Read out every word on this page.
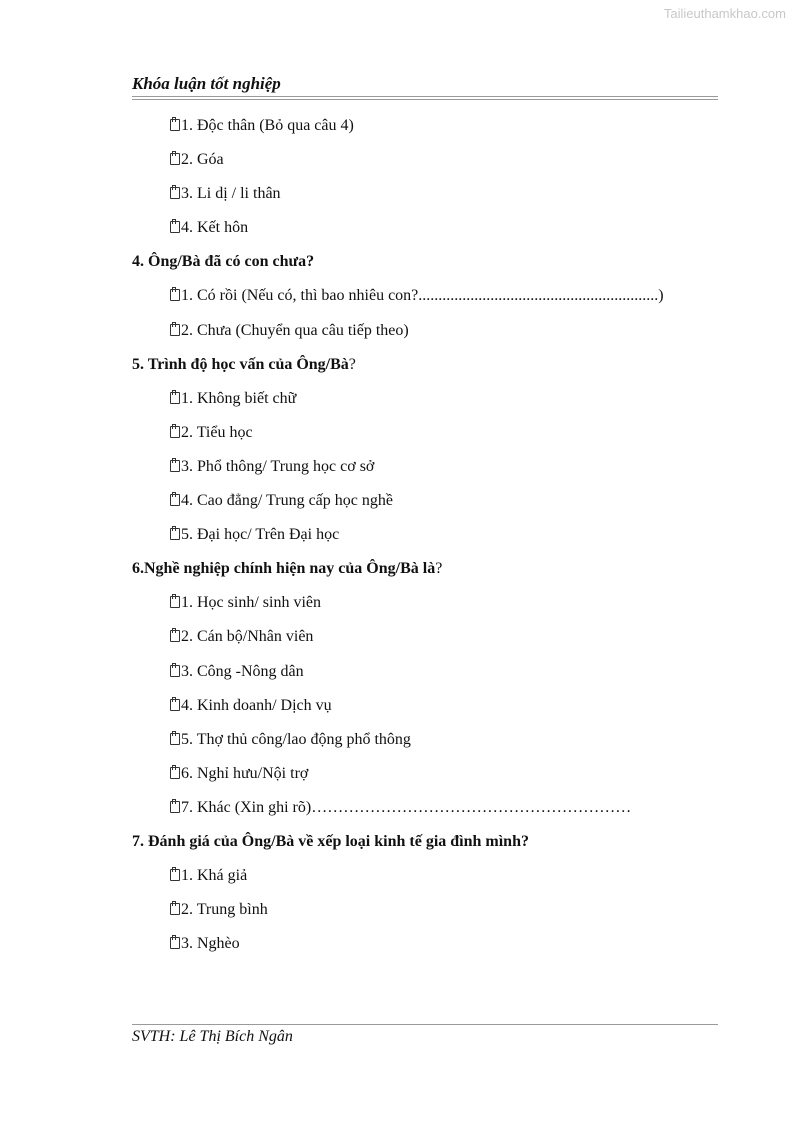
Tailieuthamkhao.com
Khóa luận tốt nghiệp
1. Độc thân (Bỏ qua câu 4)
2. Góa
3. Li dị / li thân
4. Kết hôn
4. Ông/Bà đã có con chưa?
1. Có rồi (Nếu có, thì bao nhiêu con?............................................................)
2. Chưa (Chuyển qua câu tiếp theo)
5. Trình độ học vấn của Ông/Bà?
1. Không biết chữ
2. Tiểu học
3. Phổ thông/ Trung học cơ sở
4. Cao đẳng/ Trung cấp học nghề
5. Đại học/ Trên Đại học
6.Nghề nghiệp chính hiện nay của Ông/Bà là?
1. Học sinh/ sinh viên
2. Cán bộ/Nhân viên
3. Công -Nông dân
4. Kinh doanh/ Dịch vụ
5. Thợ thủ công/lao động phổ thông
6. Nghỉ hưu/Nội trợ
7. Khác (Xin ghi rõ)……………………………………………………
7. Đánh giá của Ông/Bà về xếp loại kinh tế gia đình mình?
1. Khá giả
2. Trung bình
3. Nghèo
SVTH: Lê Thị Bích Ngân
